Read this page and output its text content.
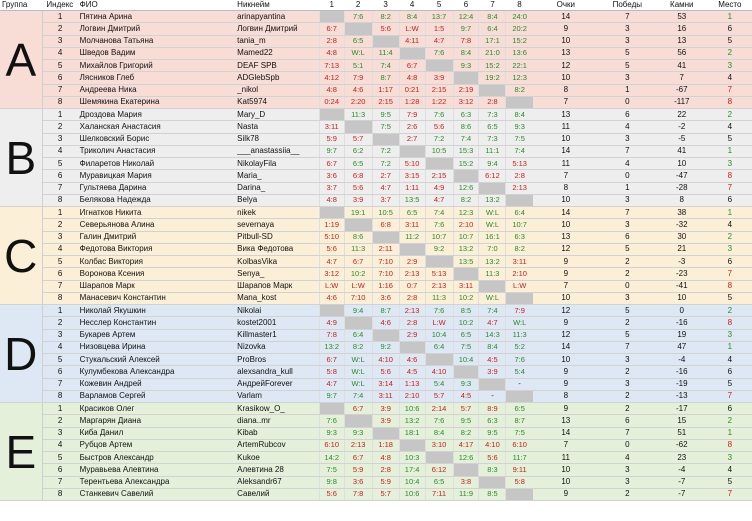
Группа	Индекс	ФИО	Никнейм	1	2	3	4	5	6	7	8	Очки	Победы	Камни	Место
A	1	Пятина Арина	arinapyantina		7:6	8:2	8:4	13:7	12:4	8:4	24:0	14	7	53	1
	2	Логвин Дмитрий	Логвин Дмитрий	6:7		5:6	L:W	1:5	9:7	6:4	20:2	9	3	16	6
	3	Молчанова Татьяна	tania_m	2:8	6:5		4:11	4:7	7:8	17:1	15:2	10	3	13	5
	4	Шведов Вадим	Mamed22	4:8	W:L	11:4		7:6	8:4	21:0	13:6	13	5	56	2
	5	Михайлов Григорий	DEAF SPB	7:13	5:1	7:4	6:7		9:3	15:2	22:1	12	5	41	3
	6	Лясников Глеб	ADGlebSpb	4:12	7:9	8:7	4:8	3:9		19:2	12:3	10	3	7	4
	7	Андреева Ника	_nikol	4:8	4:6	1:17	0:21	2:15	2:19		8:2	8	1	-67	7
	8	Шемякина Екатерина	Kat5974	0:24	2:20	2:15	1:28	1:22	3:12	2:8		7	0	-117	8
B	1	Дроздова Мария	Mary_D		11:3	9:5	7:9	7:6	6:3	7:3	8:4	13	6	22	2
	2	Халанская Анастасия	Nasta	3:11		7:5	2:6	5:6	8:6	6:5	9:3	11	4	-2	4
	3	Шелковский Борис	Silk78	5:9	5:7		2:7	7:2	7:4	7:3	7:5	10	3	-5	5
	4	Триколич Анастасия	___anastassiia__	9:7	6:2	7:2		10:5	15:3	11:1	7:4	14	7	41	1
	5	Филаретов Николай	NikolayFila	6:7	6:5	7:2	5:10		15:2	9:4	5:13	11	4	10	3
	6	Муравицкая Мария	Maria_	3:6	6:8	2:7	3:15	2:15		6:12	2:8	7	0	-47	8
	7	Гультяева Дарина	Darina_	3:7	5:6	4:7	1:11	4:9	12:6		2:13	8	1	-28	7
	8	Белякова Надежда	Belya	4:8	3:9	3:7	13:5	4:7	8:2	13:2		10	3	8	6
C	1	Игнатков Никита	nikek		19:1	10:5	6:5	7:4	12:3	W:L	6:4	14	7	38	1
	2	Северьянова Алина	severnaya	1:19		6:8	3:11	7:6	2:10	W:L	10:7	10	3	-32	4
	3	Галин Дмитрий	Pitbull-SD	5:10	8:6		11:2	10:7	10:7	16:1	6:3	13	6	30	2
	4	Федотова Виктория	Вика Федотова	5:6	11:3	2:11		9:2	13:2	7:0	8:2	12	5	21	3
	5	Колбас Виктория	KolbasVika	4:7	6:7	7:10	2:9		13:5	13:2	3:11	9	2	-3	6
	6	Воронова Ксения	Senya_	3:12	10:2	7:10	2:13	5:13		11:3	2:10	9	2	-23	7
	7	Шарапов Марк	Шарапов Марк	L:W	L:W	1:16	0:7	2:13	3:11		L:W	7	0	-41	8
	8	Манасевич Константин	Mana_kost	4:6	7:10	3:6	2:8	11:3	10:2	W:L		10	3	10	5
D	1	Николай Якушкин	Nikolai		9:4	8:7	2:13	7:6	8:5	7:4	7:9	12	5	0	2
	2	Несслер Константин	kostet2001	4:9		4:6	2:8	L:W	10:2	4:7	W:L	9	2	-16	8
	3	Букарев Артем	Killmaster1	7:8	6:4		2:9	10:4	6:5	14:3	11:3	12	5	19	3
	4	Низовцева Ирина	Nizovka	13:2	8:2	9:2		6:4	7:5	8:4	5:2	14	7	47	1
	5	Стукальский Алексей	ProBros	6:7	W:L	4:10	4:6		10:4	4:5	7:6	10	3	-4	4
	6	Кулумбекова Александра	alexsandra_kull	5:8	W:L	5:6	4:5	4:10		3:9	5:4	9	2	-16	6
	7	Кожевин Андрей	АндрейForever	4:7	W:L	3:14	1:13	5:4	9:3		-	9	3	-19	5
	8	Варламов Сергей	Varlam	9:7	7:4	3:11	2:10	5:7	4:5	-		8	2	-13	7
E	1	Красиков Олег	Krasikow_O_		6:7	3:9	10:6	2:14	5:7	8:9	6:5	9	2	-17	6
	2	Маргарян Диана	diana..mr	7:6		3:9	13:2	7:6	9:5	6:3	8:7	13	6	15	2
	3	Киба Данил	Kibab	9:3	9:3		18:1	8:4	8:2	9:5	7:5	14	7	51	1
	4	Рубцов Артем	ArtemRubcov	6:10	2:13	1:18		3:10	4:17	4:10	6:10	7	0	-62	8
	5	Быстров Александр	Kukoe	14:2	6:7	4:8	10:3		12:6	5:6	11:7	11	4	23	3
	6	Муравьева Алевтина	Алевтина 28	7:5	5:9	2:8	17:4	6:12		8:3	9:11	10	3	-4	4
	7	Терентьева Александра	Aleksandr67	9:8	3:6	5:9	10:4	6:5	3:8		5:8	10	3	-7	5
	8	Станкевич Савелий	Савелий	5:6	7:8	5:7	10:6	7:11	11:9	8:5		9	2	-7	7
